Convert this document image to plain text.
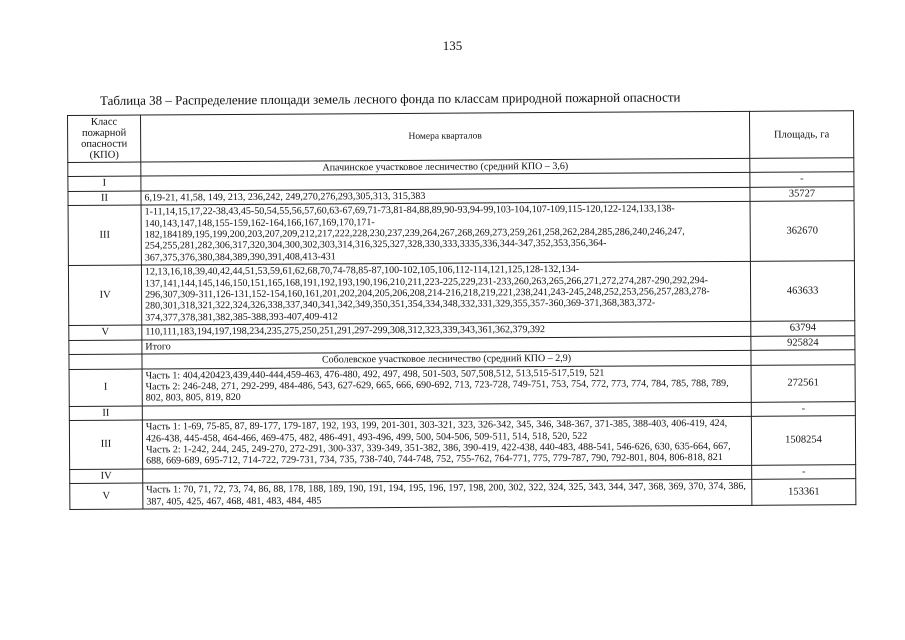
135
Таблица 38 – Распределение площади земель лесного фонда по классам природной пожарной опасности
Класс пожарной опасности (КПО)	Номера кварталов	Площадь, га
	Апачинское участковое лесничество (средний КПО – 3,6)	
I		-
II	6,19-21, 41,58, 149, 213, 236,242, 249,270,276,293,305,313, 315,383	35727
III	1-11,14,15,17,22-38,43,45-50,54,55,56,57,60,63-67,69,71-73,81-84,88,89,90-93,94-99,103-104,107-109,115-120,122-124,133,138-140,143,147,148,155-159,162-164,166,167,169,170,171-182,184189,195,199,200,203,207,209,212,217,222,228,230,237,239,264,267,268,269,273,259,261,258,262,284,285,286,240,246,247, 254,255,281,282,306,317,320,304,300,302,303,314,316,325,327,328,330,333,3335,336,344-347,352,353,356,364-367,375,376,380,384,389,390,391,408,413-431	362670
IV	12,13,16,18,39,40,42,44,51,53,59,61,62,68,70,74-78,85-87,100-102,105,106,112-114,121,125,128-132,134-137,141,144,145,146,150,151,165,168,191,192,193,190,196,210,211,223-225,229,231-233,260,263,265,266,271,272,274,287-290,292,294-296,307,309-311,126-131,152-154,160,161,201,202,204,205,206,208,214-216,218,219,221,238,241,243-245,248,252,253,256,257,283,278-280,301,318,321,322,324,326,338,337,340,341,342,349,350,351,354,334,348,332,331,329,355,357-360,369-371,368,383,372-374,377,378,381,382,385-388,393-407,409-412	463633
V	110,111,183,194,197,198,234,235,275,250,251,291,297-299,308,312,323,339,343,361,362,379,392	63794
	Итого	925824
	Соболевское участковое лесничество (средний КПО – 2,9)	
I	Часть 1: 404,420423,439,440-444,459-463, 476-480, 492, 497, 498, 501-503, 507,508,512, 513,515-517,519, 521
Часть 2: 246-248, 271, 292-299, 484-486, 543, 627-629, 665, 666, 690-692, 713, 723-728, 749-751, 753, 754, 772, 773, 774, 784, 785, 788, 789, 802, 803, 805, 819, 820	272561
II		-
III	Часть 1: 1-69, 75-85, 87, 89-177, 179-187, 192, 193, 199, 201-301, 303-321, 323, 326-342, 345, 346, 348-367, 371-385, 388-403, 406-419, 424, 426-438, 445-458, 464-466, 469-475, 482, 486-491, 493-496, 499, 500, 504-506, 509-511, 514, 518, 520, 522
Часть 2: 1-242, 244, 245, 249-270, 272-291, 300-337, 339-349, 351-382, 386, 390-419, 422-438, 440-483, 488-541, 546-626, 630, 635-664, 667, 688, 669-689, 695-712, 714-722, 729-731, 734, 735, 738-740, 744-748, 752, 755-762, 764-771, 775, 779-787, 790, 792-801, 804, 806-818, 821	1508254
IV		-
V	Часть 1: 70, 71, 72, 73, 74, 86, 88, 178, 188, 189, 190, 191, 194, 195, 196, 197, 198, 200, 302, 322, 324, 325, 343, 344, 347, 368, 369, 370, 374, 386, 387, 405, 425, 467, 468, 481, 483, 484, 485	153361
